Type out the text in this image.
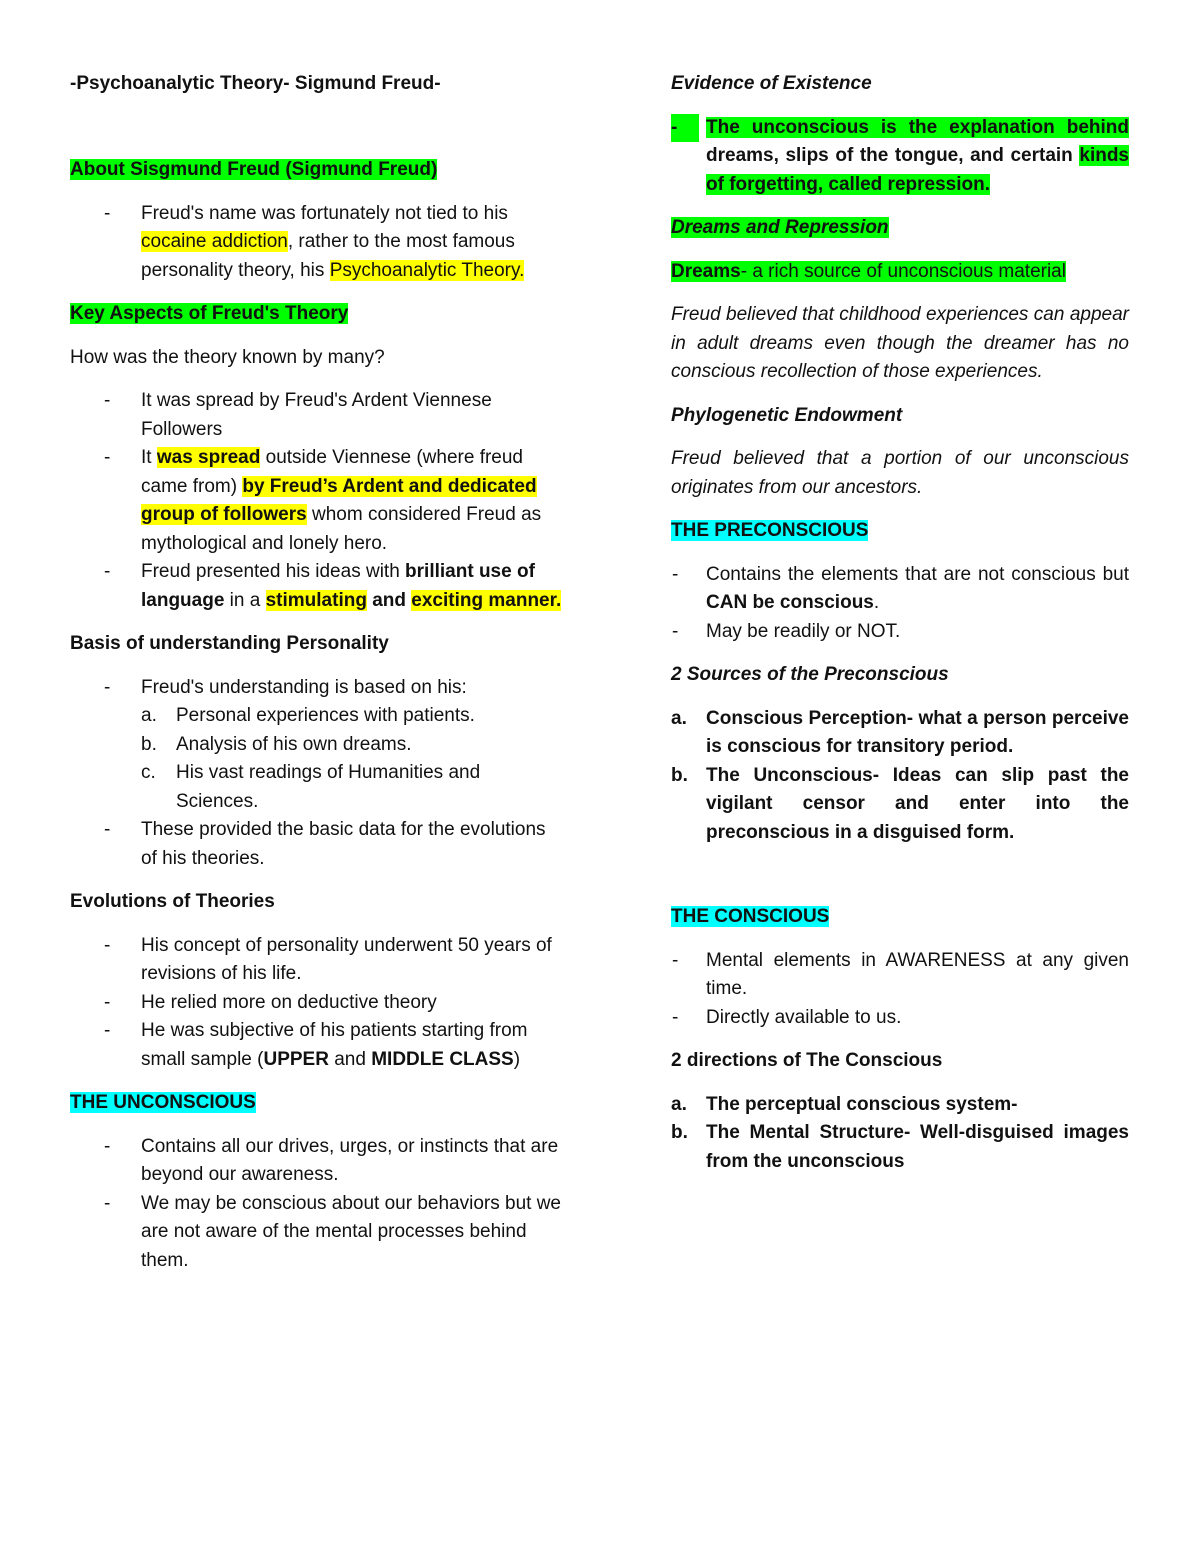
-Psychoanalytic Theory- Sigmund Freud-

About Sisgmund Freud (Sigmund Freud)
- Freud's name was fortunately not tied to his cocaine addiction, rather to the most famous personality theory, his Psychoanalytic Theory.
Key Aspects of Freud's Theory

How was the theory known by many?

- It was spread by Freud's Ardent Viennese Followers
- It was spread outside Viennese (where freud came from) by Freud’s Ardent and dedicated group of followers whom considered Freud as mythological and lonely hero.
- Freud presented his ideas with brilliant use of language in a stimulating and exciting manner.
Basis of understanding Personality
- Freud's understanding is based on his:
a. Personal experiences with patients.
b. Analysis of his own dreams.
c. His vast readings of Humanities and Sciences.
- These provided the basic data for the evolutions of his theories.
Evolutions of Theories
- His concept of personality underwent 50 years of revisions of his life.
- He relied more on deductive theory
- He was subjective of his patients starting from small sample (UPPER and MIDDLE CLASS)
THE UNCONSCIOUS
- Contains all our drives, urges, or instincts that are beyond our awareness.
- We may be conscious about our behaviors but we are not aware of the mental processes behind them.
Evidence of Existence
-	The unconscious is the explanation behind dreams, slips of the tongue, and certain kinds of forgetting, called repression.
Dreams and Repression

Dreams- a rich source of unconscious material

Freud believed that childhood experiences can appear in adult dreams even though the dreamer has no conscious recollection of those experiences.

Phylogenetic Endowment

Freud believed that a portion of our unconscious originates from our ancestors.

THE PRECONSCIOUS
- Contains the elements that are not conscious but CAN be conscious.
- May be readily or NOT.
2 Sources of the Preconscious
a. Conscious Perception- what a person perceive is conscious for transitory period.
b. The Unconscious- Ideas can slip past the vigilant censor and enter into the preconscious in a disguised form.
THE CONSCIOUS
- Mental elements in AWARENESS at any given time.
- Directly available to us.
2 directions of The Conscious
a. The perceptual conscious system-
b. The Mental Structure- Well-disguised images from the unconscious
